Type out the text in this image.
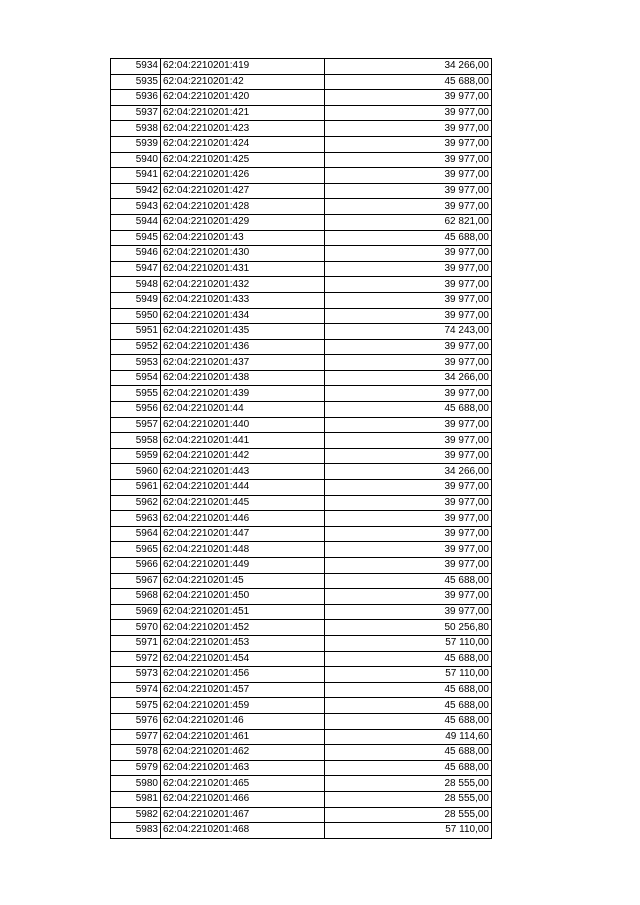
5934	62:04:2210201:419	34 266,00
5935	62:04:2210201:42	45 688,00
5936	62:04:2210201:420	39 977,00
5937	62:04:2210201:421	39 977,00
5938	62:04:2210201:423	39 977,00
5939	62:04:2210201:424	39 977,00
5940	62:04:2210201:425	39 977,00
5941	62:04:2210201:426	39 977,00
5942	62:04:2210201:427	39 977,00
5943	62:04:2210201:428	39 977,00
5944	62:04:2210201:429	62 821,00
5945	62:04:2210201:43	45 688,00
5946	62:04:2210201:430	39 977,00
5947	62:04:2210201:431	39 977,00
5948	62:04:2210201:432	39 977,00
5949	62:04:2210201:433	39 977,00
5950	62:04:2210201:434	39 977,00
5951	62:04:2210201:435	74 243,00
5952	62:04:2210201:436	39 977,00
5953	62:04:2210201:437	39 977,00
5954	62:04:2210201:438	34 266,00
5955	62:04:2210201:439	39 977,00
5956	62:04:2210201:44	45 688,00
5957	62:04:2210201:440	39 977,00
5958	62:04:2210201:441	39 977,00
5959	62:04:2210201:442	39 977,00
5960	62:04:2210201:443	34 266,00
5961	62:04:2210201:444	39 977,00
5962	62:04:2210201:445	39 977,00
5963	62:04:2210201:446	39 977,00
5964	62:04:2210201:447	39 977,00
5965	62:04:2210201:448	39 977,00
5966	62:04:2210201:449	39 977,00
5967	62:04:2210201:45	45 688,00
5968	62:04:2210201:450	39 977,00
5969	62:04:2210201:451	39 977,00
5970	62:04:2210201:452	50 256,80
5971	62:04:2210201:453	57 110,00
5972	62:04:2210201:454	45 688,00
5973	62:04:2210201:456	57 110,00
5974	62:04:2210201:457	45 688,00
5975	62:04:2210201:459	45 688,00
5976	62:04:2210201:46	45 688,00
5977	62:04:2210201:461	49 114,60
5978	62:04:2210201:462	45 688,00
5979	62:04:2210201:463	45 688,00
5980	62:04:2210201:465	28 555,00
5981	62:04:2210201:466	28 555,00
5982	62:04:2210201:467	28 555,00
5983	62:04:2210201:468	57 110,00
